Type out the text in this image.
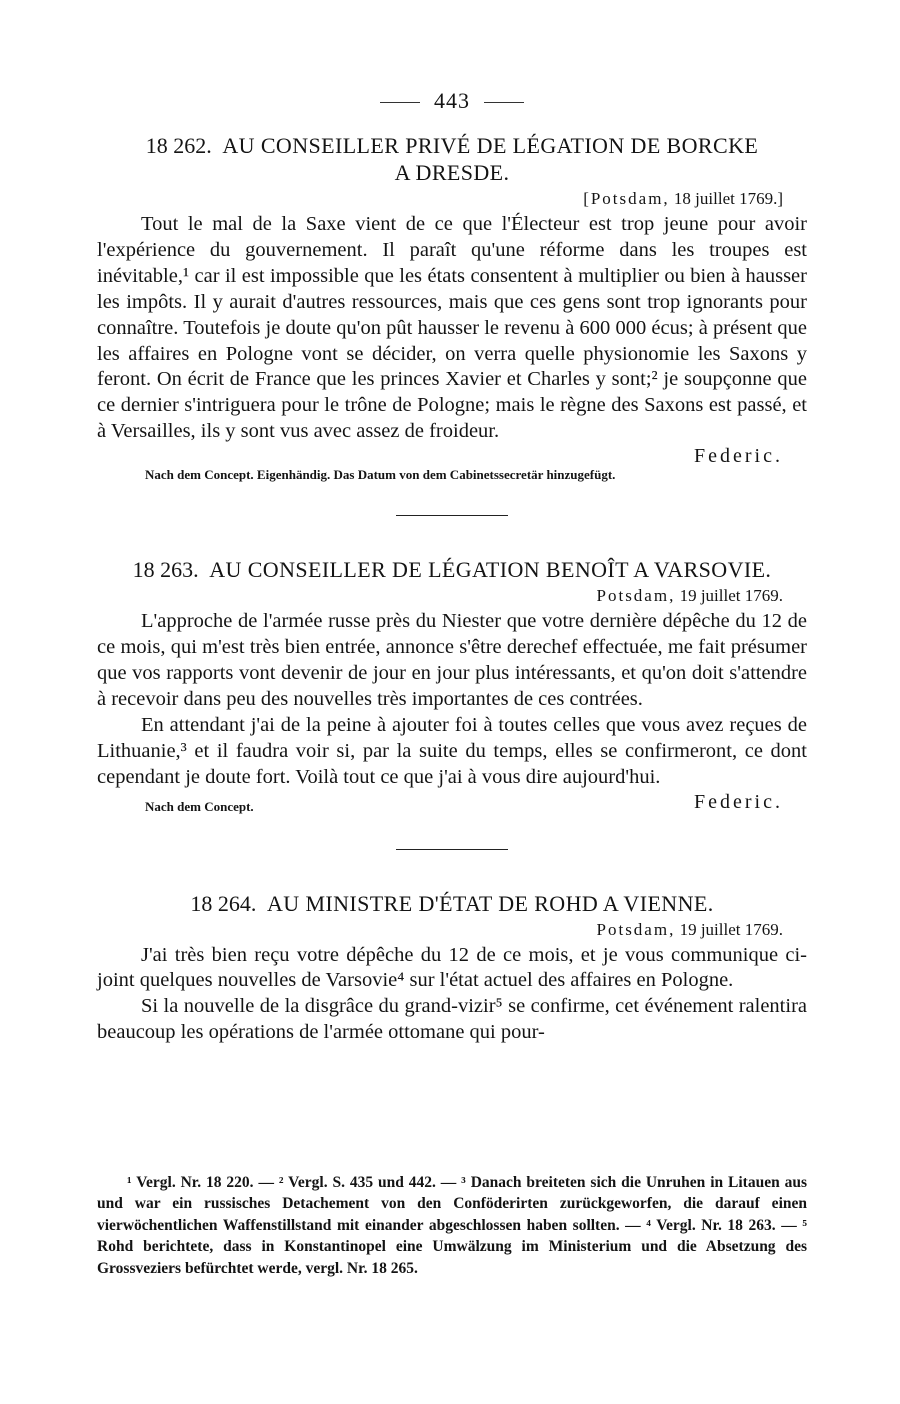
443
18 262. AU CONSEILLER PRIVÉ DE LÉGATION DE BORCKE
A DRESDE.
[Potsdam, 18 juillet 1769.]

Tout le mal de la Saxe vient de ce que l'Électeur est trop jeune pour avoir l'expérience du gouvernement. Il paraît qu'une réforme dans les troupes est inévitable,¹ car il est impossible que les états consentent à multiplier ou bien à hausser les impôts. Il y aurait d'autres ressources, mais que ces gens sont trop ignorants pour connaître. Toutefois je doute qu'on pût hausser le revenu à 600 000 écus; à présent que les affaires en Pologne vont se décider, on verra quelle physionomie les Saxons y feront. On écrit de France que les princes Xavier et Charles y sont;² je soupçonne que ce dernier s'intriguera pour le trône de Pologne; mais le règne des Saxons est passé, et à Versailles, ils y sont vus avec assez de froideur.

Federic.
Nach dem Concept. Eigenhändig. Das Datum von dem Cabinetssecretär hinzugefügt.
18 263. AU CONSEILLER DE LÉGATION BENOÎT A VARSOVIE.
Potsdam, 19 juillet 1769.

L'approche de l'armée russe près du Niester que votre dernière dépêche du 12 de ce mois, qui m'est très bien entrée, annonce s'être derechef effectuée, me fait présumer que vos rapports vont devenir de jour en jour plus intéressants, et qu'on doit s'attendre à recevoir dans peu des nouvelles très importantes de ces contrées.

En attendant j'ai de la peine à ajouter foi à toutes celles que vous avez reçues de Lithuanie,³ et il faudra voir si, par la suite du temps, elles se confirmeront, ce dont cependant je doute fort. Voilà tout ce que j'ai à vous dire aujourd'hui.

Nach dem Concept.	Federic.
18 264. AU MINISTRE D'ÉTAT DE ROHD A VIENNE.
Potsdam, 19 juillet 1769.

J'ai très bien reçu votre dépêche du 12 de ce mois, et je vous communique ci-joint quelques nouvelles de Varsovie⁴ sur l'état actuel des affaires en Pologne.

Si la nouvelle de la disgrâce du grand-vizir⁵ se confirme, cet événement ralentira beaucoup les opérations de l'armée ottomane qui pour-

¹ Vergl. Nr. 18 220. — ² Vergl. S. 435 und 442. — ³ Danach breiteten sich die Unruhen in Litauen aus und war ein russisches Detachement von den Conföderirten zurückgeworfen, die darauf einen vierwöchentlichen Waffenstillstand mit einander abgeschlossen haben sollten. — ⁴ Vergl. Nr. 18 263. — ⁵ Rohd berichtete, dass in Konstantinopel eine Umwälzung im Ministerium und die Absetzung des Grossveziers befürchtet werde, vergl. Nr. 18 265.
